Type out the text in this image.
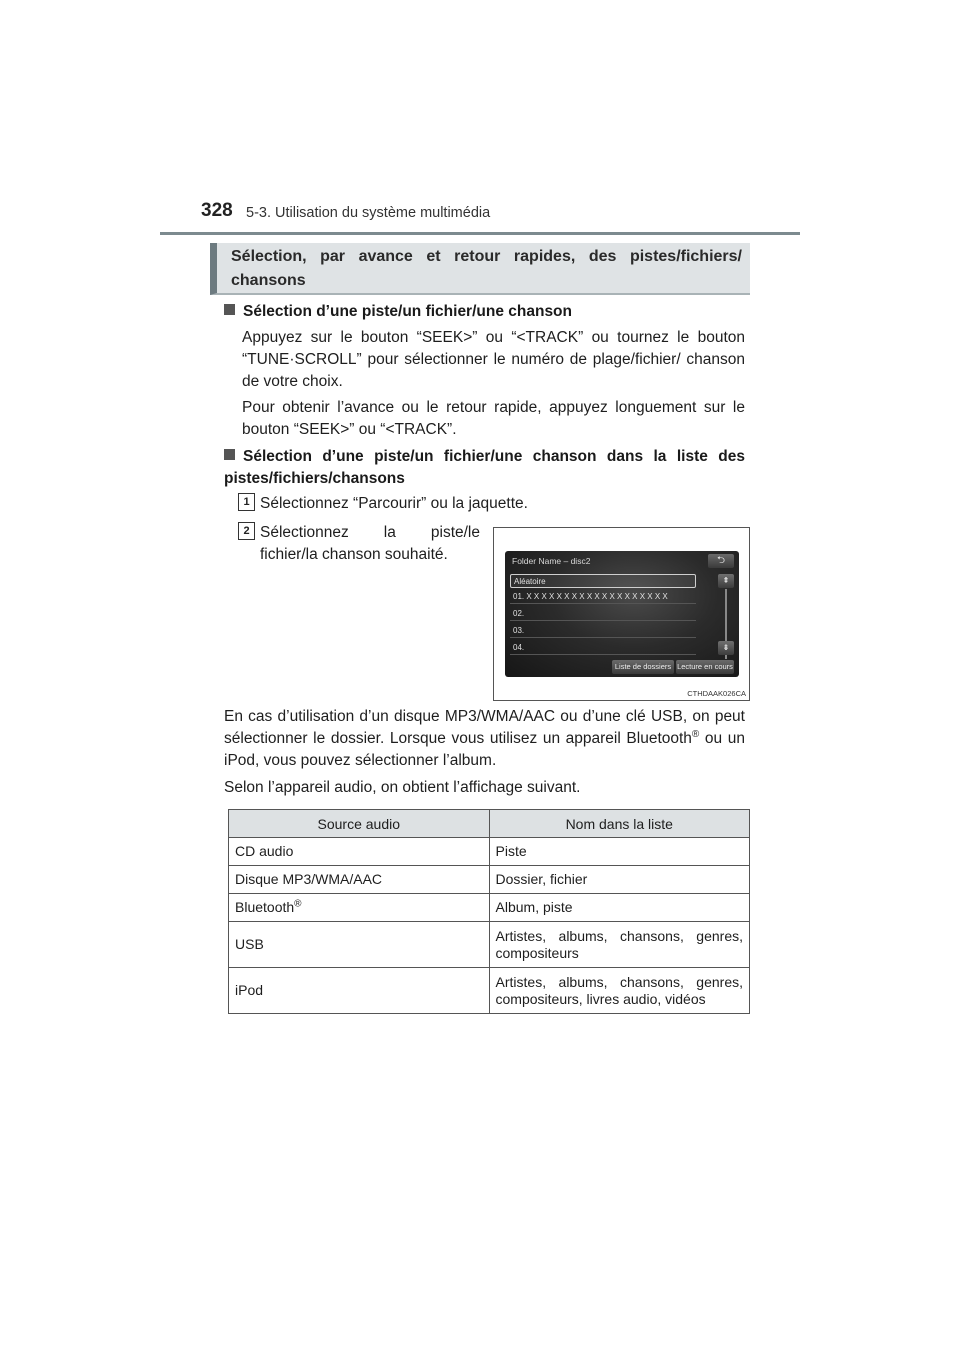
328 5-3. Utilisation du système multimédia
Sélection, par avance et retour rapides, des pistes/fichiers/ chansons
Sélection d’une piste/un fichier/une chanson
Appuyez sur le bouton “SEEK>” ou “<TRACK” ou tournez le bouton “TUNE·SCROLL” pour sélectionner le numéro de plage/fichier/ chanson de votre choix.
Pour obtenir l’avance ou le retour rapide, appuyez longuement sur le bouton “SEEK>” ou “<TRACK”.
Sélection d’une piste/un fichier/une chanson dans la liste des pistes/fichiers/chansons
1 Sélectionnez “Parcourir” ou la jaquette.
2 Sélectionnez la piste/le fichier/la chanson souhaité.	Folder Name – disc2	⮌
Aléatoire
01. X X X X X X X X X X X X X X X X X X X
02.
03.
04.
⇞
⇟
Liste de dossiers Lecture en cours
CTHDAAK026CA
En cas d’utilisation d’un disque MP3/WMA/AAC ou d’une clé USB, on peut sélectionner le dossier. Lorsque vous utilisez un appareil Bluetooth® ou un iPod, vous pouvez sélectionner l’album.
Selon l’appareil audio, on obtient l’affichage suivant.
Source audio	Nom dans la liste
CD audio	Piste
Disque MP3/WMA/AAC	Dossier, fichier
Bluetooth®	Album, piste
USB	Artistes, albums, chansons, genres, compositeurs
iPod	Artistes, albums, chansons, genres, compositeurs, livres audio, vidéos
